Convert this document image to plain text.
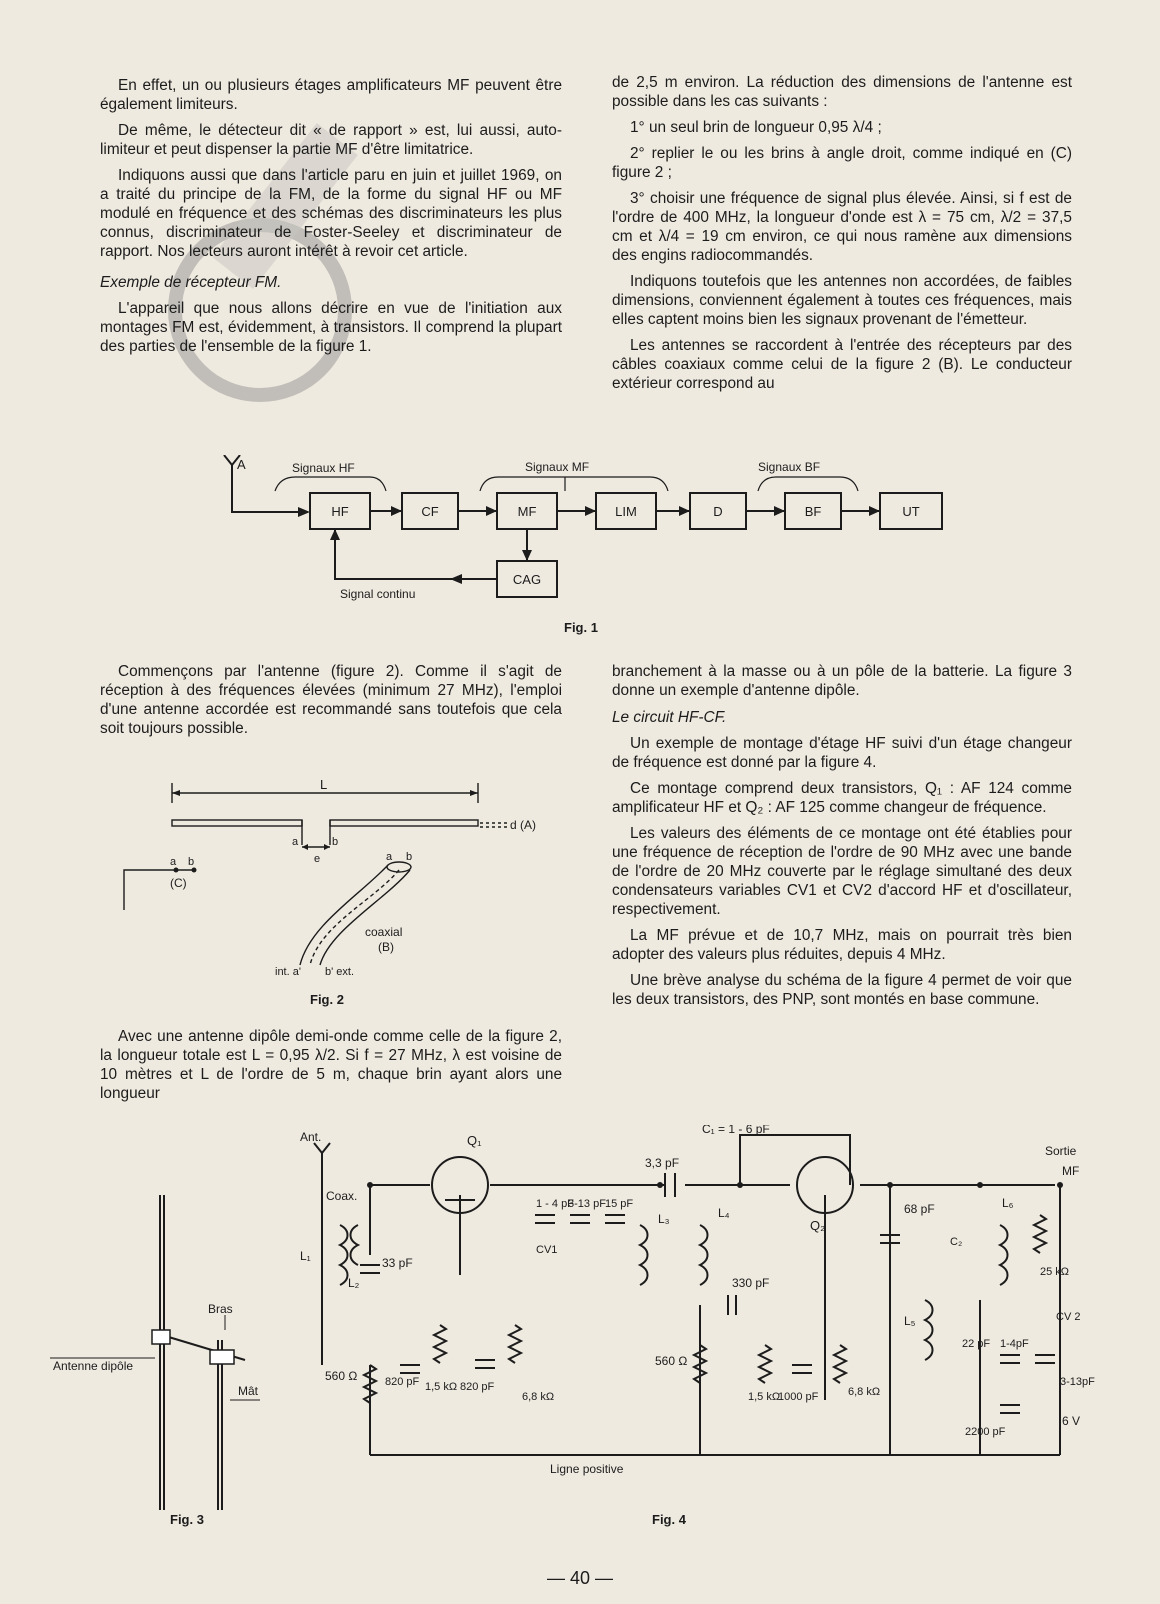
En effet, un ou plusieurs étages amplificateurs MF peuvent être également limiteurs.

De même, le détecteur dit « de rapport » est, lui aussi, auto-limiteur et peut dispenser la partie MF d'être limitatrice.

Indiquons aussi que dans l'article paru en juin et juillet 1969, on a traité du principe de la FM, de la forme du signal HF ou MF modulé en fréquence et des schémas des discriminateurs les plus connus, discriminateur de Foster-Seeley et discriminateur de rapport. Nos lecteurs auront intérêt à revoir cet article.

Exemple de récepteur FM.

L'appareil que nous allons décrire en vue de l'initiation aux montages FM est, évidemment, à transistors. Il comprend la plupart des parties de l'ensemble de la figure 1.

de 2,5 m environ. La réduction des dimensions de l'antenne est possible dans les cas suivants :

1° un seul brin de longueur 0,95 λ/4 ;

2° replier le ou les brins à angle droit, comme indiqué en (C) figure 2 ;

3° choisir une fréquence de signal plus élevée. Ainsi, si f est de l'ordre de 400 MHz, la longueur d'onde est λ = 75 cm, λ/2 = 37,5 cm et λ/4 = 19 cm environ, ce qui nous ramène aux dimensions des engins radiocommandés.

Indiquons toutefois que les antennes non accordées, de faibles dimensions, conviennent également à toutes ces fréquences, mais elles captent moins bien les signaux provenant de l'émetteur.

Les antennes se raccordent à l'entrée des récepteurs par des câbles coaxiaux comme celui de la figure 2 (B). Le conducteur extérieur correspond au

A
HF	CF	MF	LIM	D	BF	UT
CAG
Signaux HF	Signaux MF	Signaux BF
Signal continu
Fig. 1

Commençons par l'antenne (figure 2). Comme il s'agit de réception à des fréquences élevées (minimum 27 MHz), l'emploi d'une antenne accordée est recommandé sans toutefois que cela soit toujours possible.

L
d (A)
a	b
e
a b	a b
(C)
coaxial
(B)
int. a' b' ext.
Fig. 2

Avec une antenne dipôle demi-onde comme celle de la figure 2, la longueur totale est L = 0,95 λ/2. Si f = 27 MHz, λ est voisine de 10 mètres et L de l'ordre de 5 m, chaque brin ayant alors une longueur

branchement à la masse ou à un pôle de la batterie. La figure 3 donne un exemple d'antenne dipôle.

Le circuit HF-CF.

Un exemple de montage d'étage HF suivi d'un étage changeur de fréquence est donné par la figure 4.

Ce montage comprend deux transistors, Q₁ : AF 124 comme amplificateur HF et Q₂ : AF 125 comme changeur de fréquence.

Les valeurs des éléments de ce montage ont été établies pour une fréquence de réception de l'ordre de 90 MHz avec une bande de l'ordre de 20 MHz couverte par le réglage simultané des deux condensateurs variables CV1 et CV2 d'accord HF et d'oscillateur, respectivement.

La MF prévue et de 10,7 MHz, mais on pourrait très bien adopter des valeurs plus réduites, depuis 4 MHz.

Une brève analyse du schéma de la figure 4 permet de voir que les deux transistors, des PNP, sont montés en base commune.

Antenne dipôle
Bras
Mât
Fig. 3
Ant.
Coax.
Q₁
Q₂
C₁ = 1 - 6 pF
3,3 pF
Sortie
MF
L₁
L₂
L₃	L₄
L₅
L₆
33 pF
560 Ω	820 pF 1,5 kΩ 820 pF
6,8 kΩ
1 - 4 pF
CV1
3-13 pF 15 pF
330 pF
560 Ω
1,5 kΩ
1000 pF	6,8 kΩ
68 pF
C₂
25 kΩ
22 pF 1-4pF
CV 2
3-13pF
2200 pF
6 V
Ligne positive
Fig. 4
— 40 —
